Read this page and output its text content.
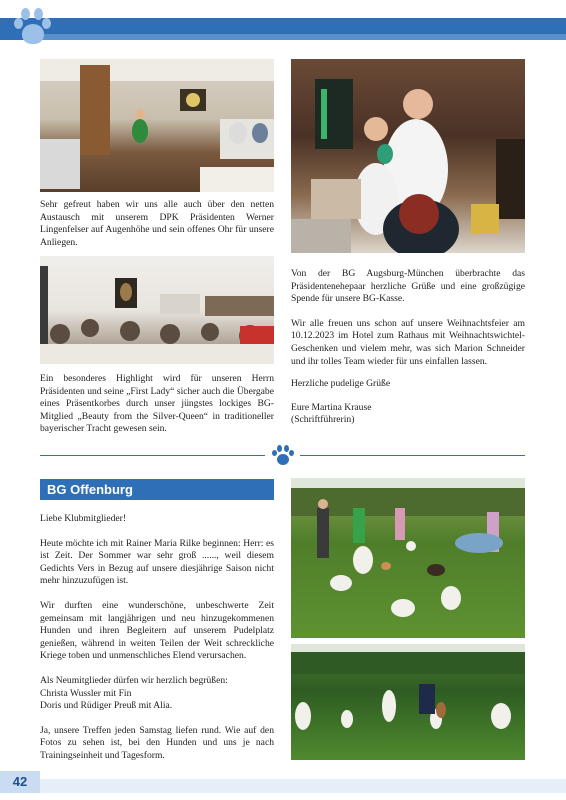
Sehr gefreut haben wir uns alle auch über den netten Austausch mit unserem DPK Präsidenten Werner Lingenfelser auf Augenhöhe und sein offenes Ohr für unsere Anliegen.

Ein besonderes Highlight wird für unseren Herrn Präsidenten und seine „First Lady“ sicher auch die Übergabe eines Präsentkorbes durch unser jüngstes lockiges BG-Mitglied „Beauty from the Silver-Queen“ in traditioneller bayerischer Tracht gewesen sein.

Von der BG Augsburg-München überbrachte das Präsidentenehepaar herzliche Grüße und eine großzügige Spende für unsere BG-Kasse.

Wir alle freuen uns schon auf unsere Weihnachtsfeier am 10.12.2023 im Hotel zum Rathaus mit Weihnachtswichtel-Geschenken und vielem mehr, was sich Marion Schneider und ihr tolles Team wieder für uns einfallen lassen.

Herzliche pudelige Grüße

Eure Martina Krause

(Schriftführerin)

BG Offenburg

Liebe Klubmitglieder!

Heute möchte ich mit Rainer Maria Rilke beginnen: Herr: es ist Zeit. Der Sommer war sehr groß ......, weil diesem Gedichts Vers in Bezug auf unsere diesjährige Saison nicht mehr hinzuzufügen ist.

Wir durften eine wunderschöne, unbeschwerte Zeit gemeinsam mit langjährigen und neu hinzugekommenen Hunden und ihren Begleitern auf unserem Pudelplatz genießen, während in weiten Teilen der Weit schreckliche Kriege toben und unmenschliches Elend verursachen.

Als Neumitglieder dürfen wir herzlich begrüßen:

Christa Wussler mit Fin

Doris und Rüdiger Preuß mit Alia.

Ja, unsere Treffen jeden Samstag liefen rund. Wie auf den Fotos zu sehen ist, bei den Hunden und uns je nach Trainingseinheit und Tagesform.

42
